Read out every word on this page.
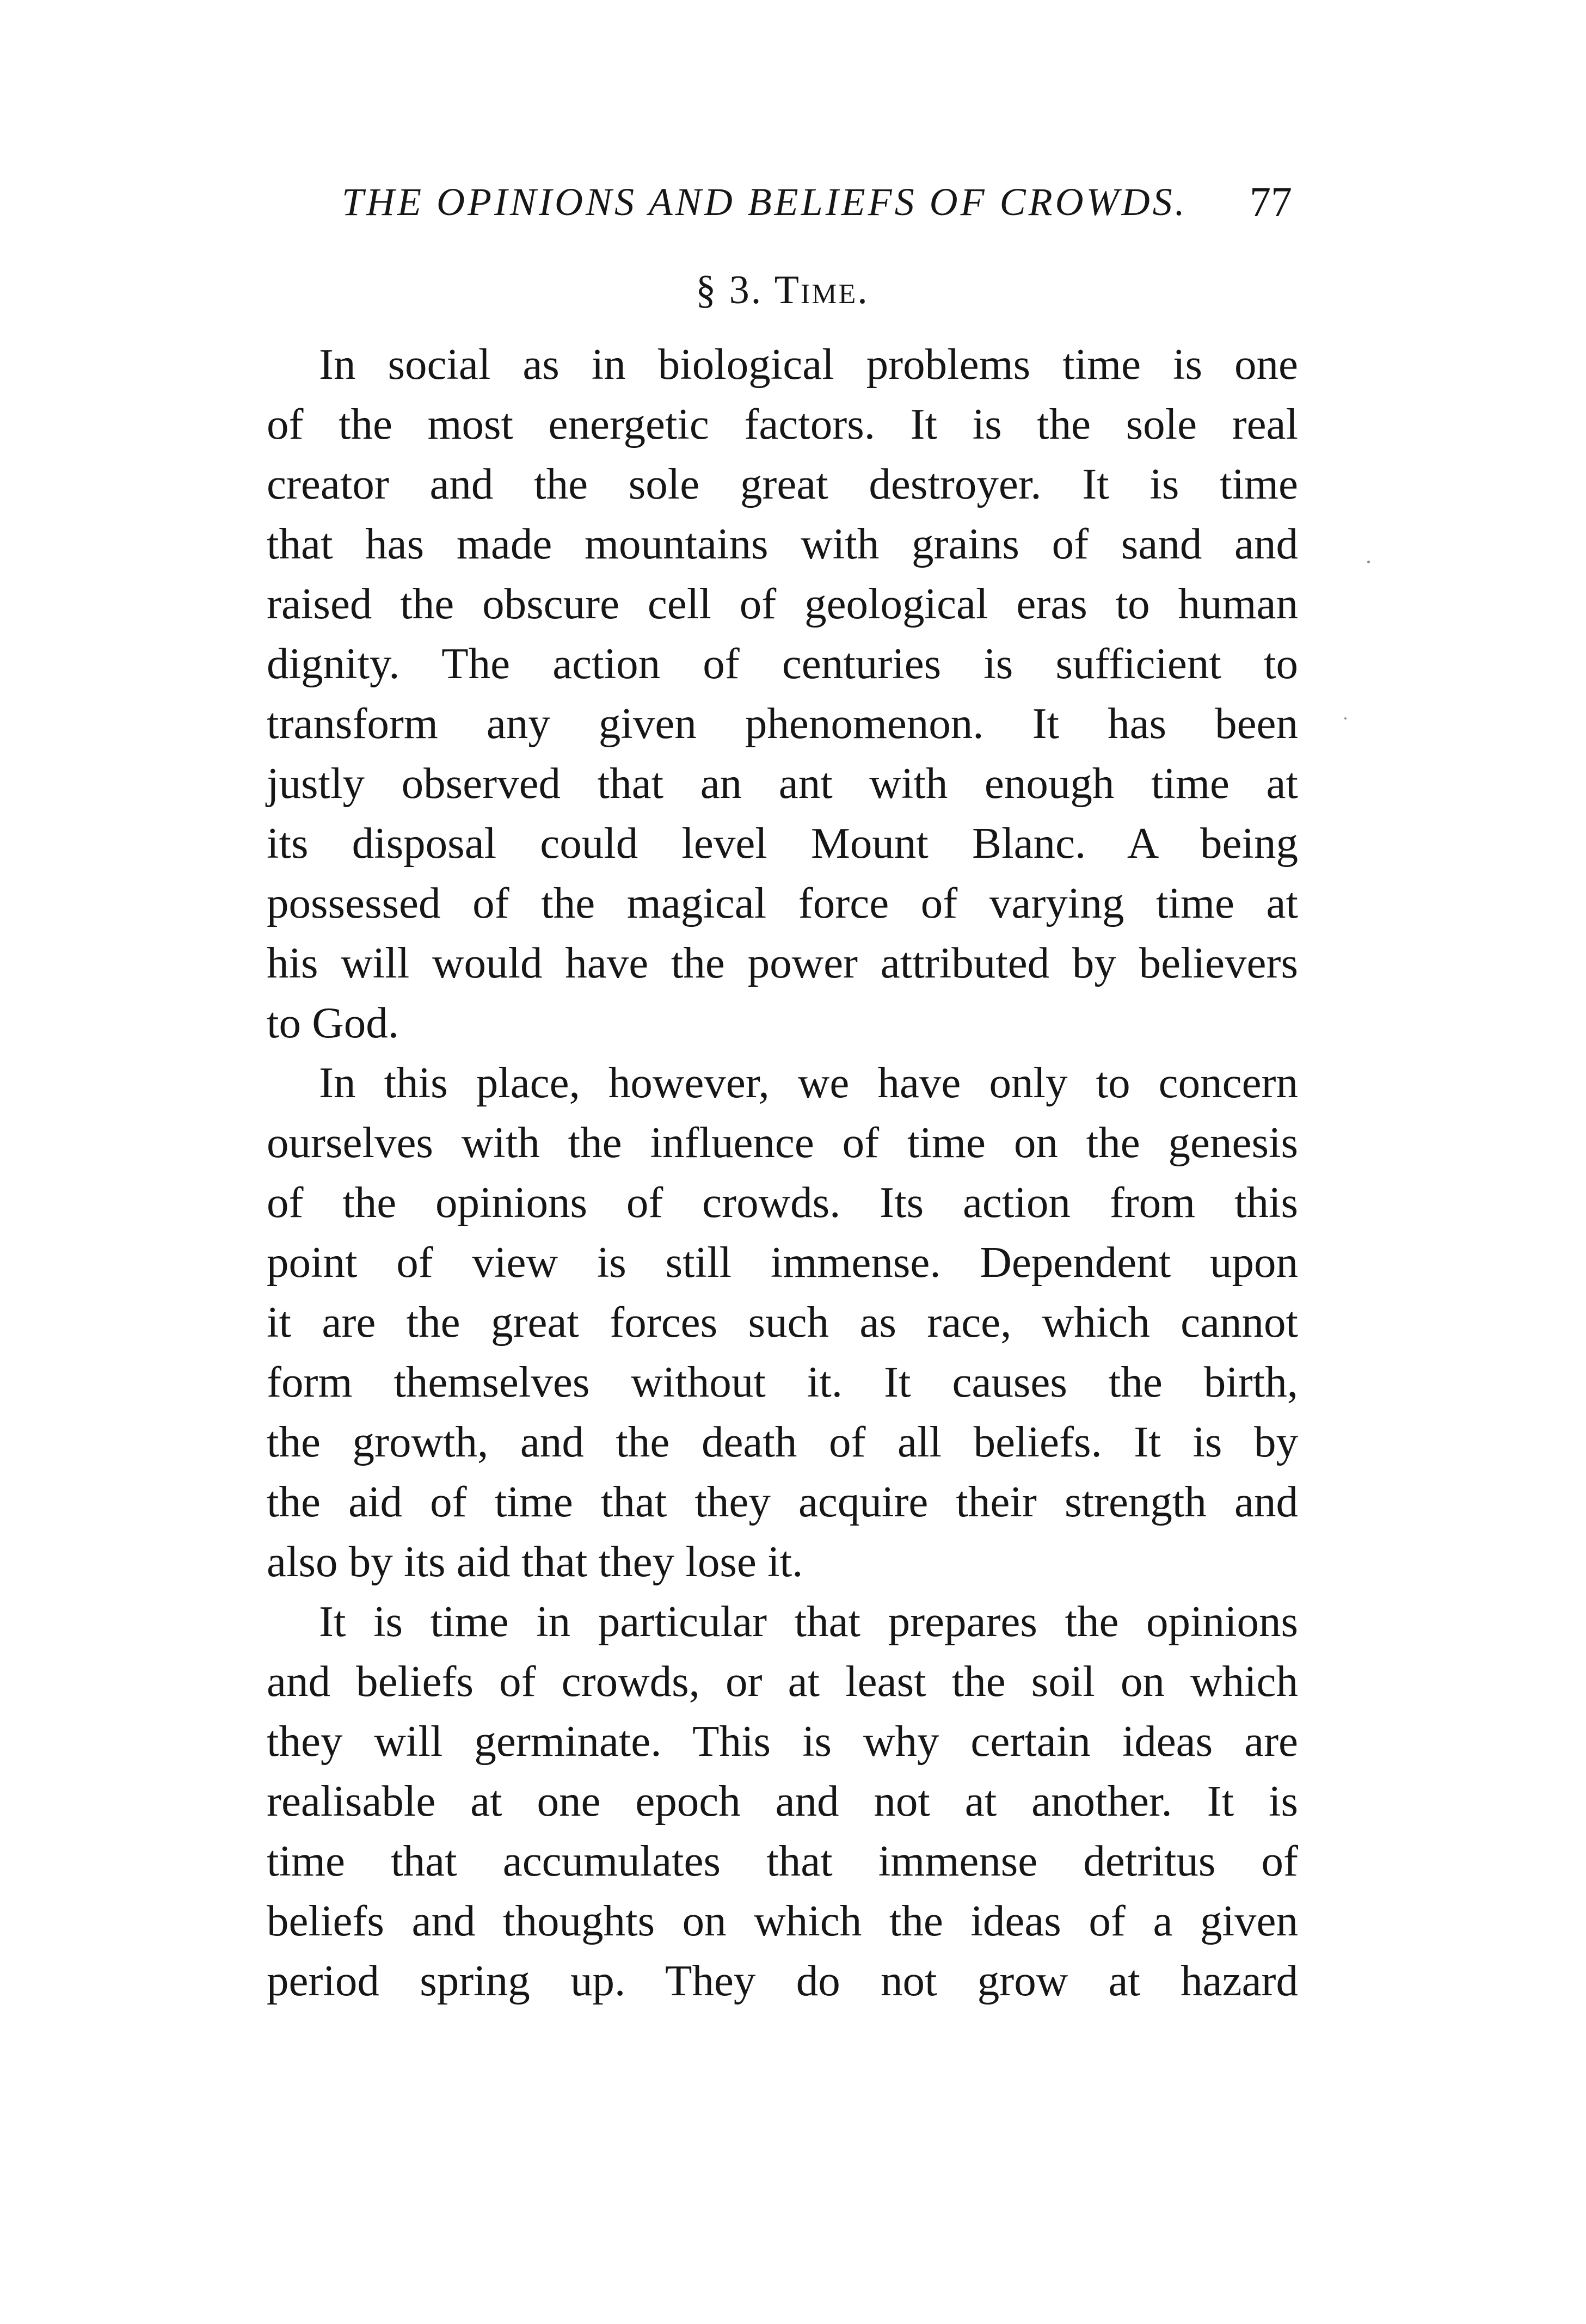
THE OPINIONS AND BELIEFS OF CROWDS. 77
§ 3. Time.
In social as in biological problems time is one
of the most energetic factors. It is the sole real
creator and the sole great destroyer. It is time
that has made mountains with grains of sand and
raised the obscure cell of geological eras to human
dignity. The action of centuries is sufficient to
transform any given phenomenon. It has been
justly observed that an ant with enough time at
its disposal could level Mount Blanc. A being
possessed of the magical force of varying time at
his will would have the power attributed by believers
to God.
In this place, however, we have only to concern
ourselves with the influence of time on the genesis
of the opinions of crowds. Its action from this
point of view is still immense. Dependent upon
it are the great forces such as race, which cannot
form themselves without it. It causes the birth,
the growth, and the death of all beliefs. It is by
the aid of time that they acquire their strength and
also by its aid that they lose it.
It is time in particular that prepares the opinions
and beliefs of crowds, or at least the soil on which
they will germinate. This is why certain ideas are
realisable at one epoch and not at another. It is
time that accumulates that immense detritus of
beliefs and thoughts on which the ideas of a given
period spring up. They do not grow at hazard
